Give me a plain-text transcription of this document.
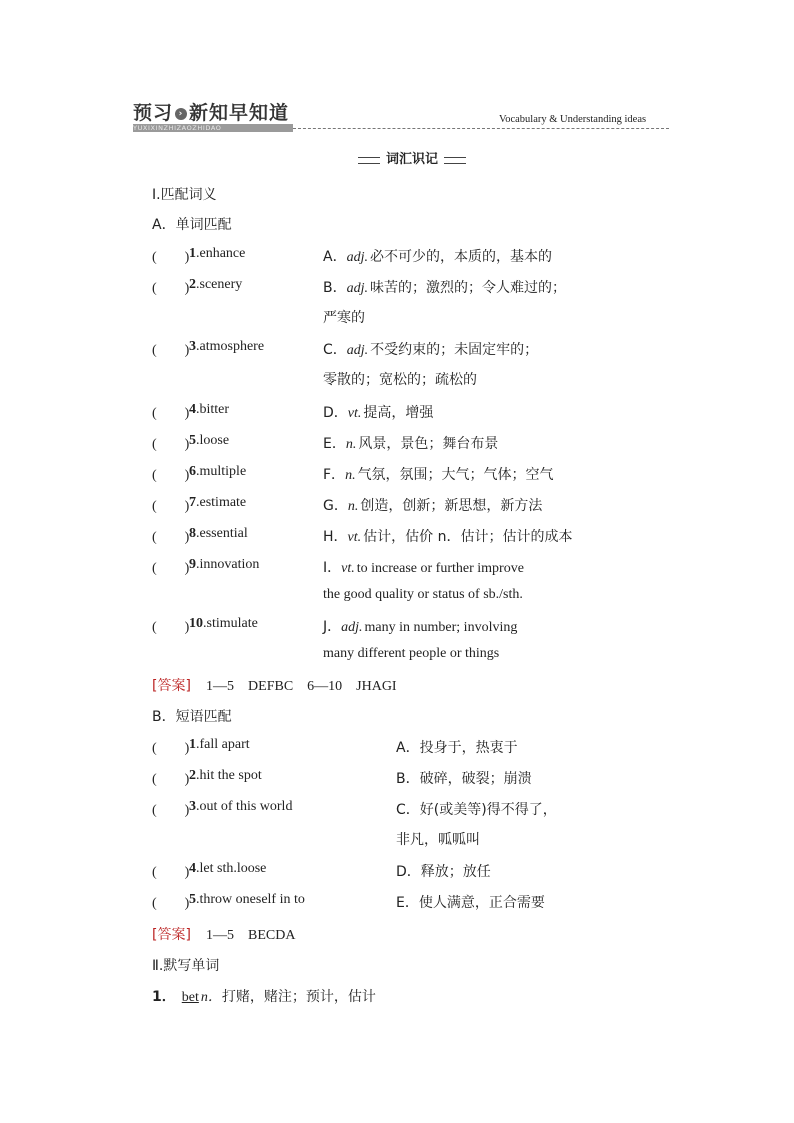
预习 › 新知早知道
YUXIXINZHIZAOZHIDAO
Vocabulary & Understanding ideas
词汇识记
Ⅰ.匹配词义
A．单词匹配
(　　) 1.enhance	A．adj. 必不可少的，本质的，基本的
(　　) 2.scenery	B．adj. 味苦的；激烈的；令人难过的；
严寒的
(　　) 3.atmosphere	C．adj. 不受约束的；未固定牢的；
零散的；宽松的；疏松的
(　　) 4.bitter	D．vt. 提高，增强
(　　) 5.loose	E．n. 风景，景色；舞台布景
(　　) 6.multiple	F．n. 气氛，氛围；大气；气体；空气
(　　) 7.estimate	G．n. 创造，创新；新思想，新方法
(　　) 8.essential	H．vt. 估计，估价 n．估计；估计的成本
(　　) 9.innovation	I．vt. to increase or further improve
the good quality or status of sb./sth.
(　　) 10.stimulate	J．adj. many in number; involving
many different people or things
[答案] 1—5　DEFBC　6—10　JHAGI
B．短语匹配
(　　) 1.fall apart	A．投身于，热衷于
(　　) 2.hit the spot	B．破碎，破裂；崩溃
(　　) 3.out of this world	C．好(或美等)得不得了，
非凡，呱呱叫
(　　) 4.let sth.loose	D．释放；放任
(　　) 5.throw oneself in to	E．使人满意，正合需要
[答案] 1—5　BECDA
Ⅱ.默写单词
1． bet n．打赌，赌注；预计，估计
